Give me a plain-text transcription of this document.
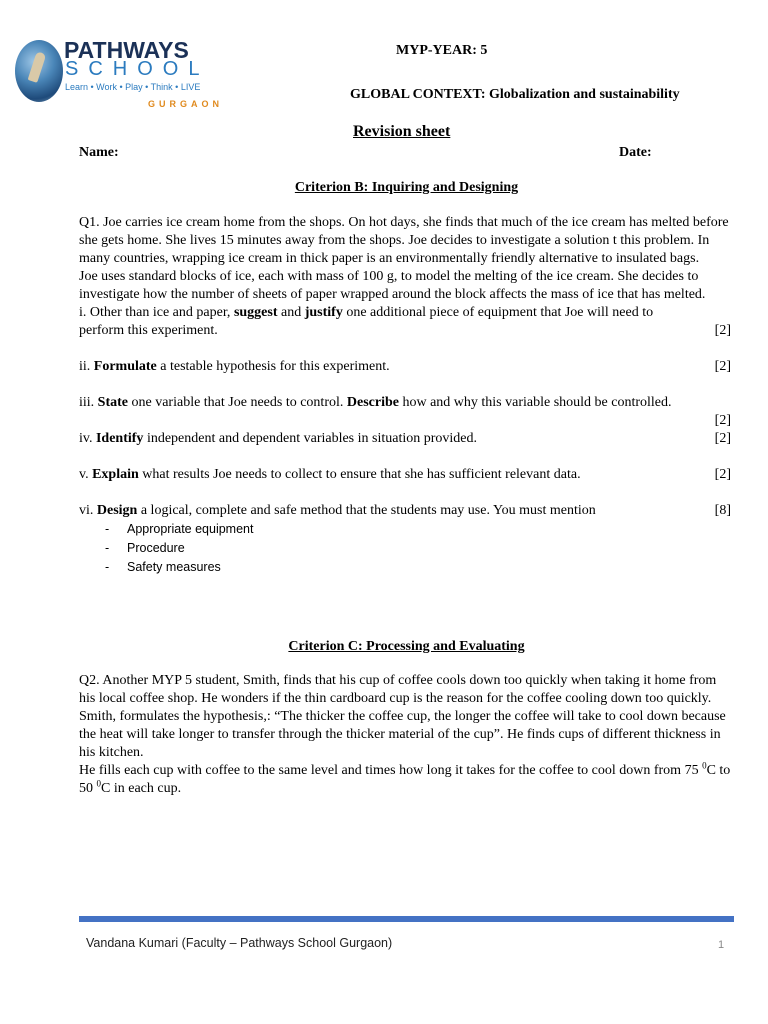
PATHWAYS
SCHOOL
Learn • Work • Play • Think • LIVE
GURGAON
MYP-YEAR: 5
GLOBAL CONTEXT: Globalization and sustainability
Revision sheet
Name:	Date:
Criterion B: Inquiring and Designing

Q1. Joe carries ice cream home from the shops. On hot days, she finds that much of the ice cream has melted before she gets home. She lives 15 minutes away from the shops. Joe decides to investigate a solution t this problem. In many countries, wrapping ice cream in thick paper is an environmentally friendly alternative to insulated bags.

Joe uses standard blocks of ice, each with mass of 100 g, to model the melting of the ice cream. She decides to investigate how the number of sheets of paper wrapped around the block affects the mass of ice that has melted.

i. Other than ice and paper, suggest and justify one additional piece of equipment that Joe will need to perform this experiment.	[2]
ii. Formulate a testable hypothesis for this experiment.	[2]
iii. State one variable that Joe needs to control. Describe how and why this variable should be controlled.
[2]
iv. Identify independent and dependent variables in situation provided.	[2]
v. Explain what results Joe needs to collect to ensure that she has sufficient relevant data.	[2]
vi. Design a logical, complete and safe method that the students may use. You must mention	[8]
- Appropriate equipment
- Procedure
- Safety measures
Criterion C: Processing and Evaluating

Q2. Another MYP 5 student, Smith, finds that his cup of coffee cools down too quickly when taking it home from his local coffee shop. He wonders if the thin cardboard cup is the reason for the coffee cooling down too quickly.

Smith, formulates the hypothesis,: “The thicker the coffee cup, the longer the coffee will take to cool down because the heat will take longer to transfer through the thicker material of the cup”. He finds cups of different thickness in his kitchen.

He fills each cup with coffee to the same level and times how long it takes for the coffee to cool down from 75 $^0$C to 50 $^0$C in each cup.

Vandana Kumari (Faculty – Pathways School Gurgaon)	1
